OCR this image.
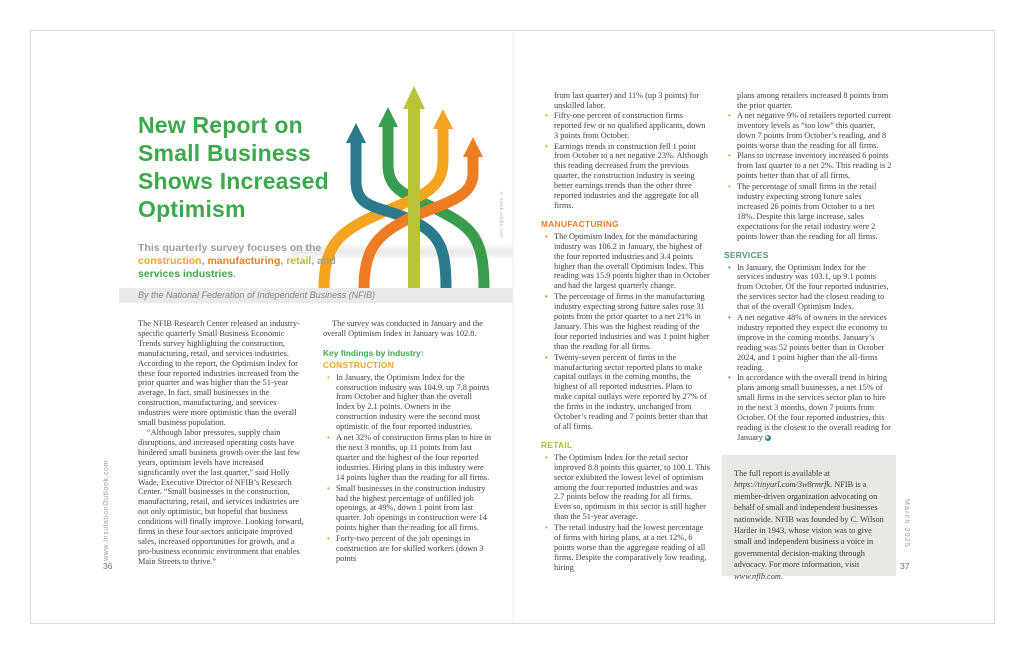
© stock.adobe.com
New Report on
Small Business
Shows Increased
Optimism

This quarterly survey focuses on the construction, manufacturing, retail, and services industries.

By the National Federation of Independent Business (NFIB)

The NFIB Research Center released an industry-specific quarterly Small Business Economic Trends survey highlighting the construction, manufacturing, retail, and services industries. According to the report, the Optimism Index for these four reported industries increased from the prior quarter and was higher than the 51-year average. In fact, small businesses in the construction, manufacturing, and services industries were more optimistic than the overall small business population.

“Although labor pressures, supply chain disruptions, and increased operating costs have hindered small business growth over the last few years, optimism levels have increased significantly over the last quarter,” said Holly Wade, Executive Director of NFIB’s Research Center. “Small businesses in the construction, manufacturing, retail, and services industries are not only optimistic, but hopeful that business conditions will finally improve. Looking forward, firms in these four sectors anticipate improved sales, increased opportunities for growth, and a pro-business economic environment that enables Main Streets to thrive.”

The survey was conducted in January and the overall Optimism Index in January was 102.8.

Key findings by industry:
CONSTRUCTION
• In January, the Optimism Index for the construction industry was 104.9, up 7.8 points from October and higher than the overall Index by 2.1 points. Owners in the construction industry were the second most optimistic of the four reported industries.
• A net 32% of construction firms plan to hire in the next 3 months, up 11 points from last quarter and the highest of the four reported industries. Hiring plans in this industry were 14 points higher than the reading for all firms.
• Small businesses in the construction industry had the highest percentage of unfilled job openings, at 49%, down 1 point from last quarter. Job openings in construction were 14 points higher than the reading for all firms.
• Forty-two percent of the job openings in construction are for skilled workers (down 3 points
www.InsulationOutlook.com
36

from last quarter) and 11% (up 3 points) for unskilled labor.

• Fifty-one percent of construction firms reported few or no qualified applicants, down 3 points from October.
• Earnings trends in construction fell 1 point from October to a net negative 23%. Although this reading decreased from the previous quarter, the construction industry is seeing better earnings trends than the other three reported industries and the aggregate for all firms.
MANUFACTURING
• The Optimism Index for the manufacturing industry was 106.2 in January, the highest of the four reported industries and 3.4 points higher than the overall Optimism Index. This reading was 15.9 points higher than in October and had the largest quarterly change.
• The percentage of firms in the manufacturing industry expecting strong future sales rose 31 points from the prior quarter to a net 21% in January. This was the highest reading of the four reported industries and was 1 point higher than the reading for all firms.
• Twenty-seven percent of firms in the manufacturing sector reported plans to make capital outlays in the coming months, the highest of all reported industries. Plans to make capital outlays were reported by 27% of the firms in the industry, unchanged from October’s reading and 7 points better than that of all firms.
RETAIL
• The Optimism Index for the retail sector improved 8.8 points this quarter, to 100.1. This sector exhibited the lowest level of optimism among the four reported industries and was 2.7 points below the reading for all firms. Even so, optimism in this sector is still higher than the 51-year average.
• The retail industry had the lowest percentage of firms with hiring plans, at a net 12%, 6 points worse than the aggregate reading of all firms. Despite the comparatively low reading, hiring

plans among retailers increased 8 points from the prior quarter.

• A net negative 9% of retailers reported current inventory levels as “too low” this quarter, down 7 points from October’s reading, and 8 points worse than the reading for all firms.
• Plans to increase inventory increased 6 points from last quarter to a net 2%. This reading is 2 points better than that of all firms.
• The percentage of small firms in the retail industry expecting strong future sales increased 26 points from October to a net 18%. Despite this large increase, sales expectations for the retail industry were 2 points lower than the reading for all firms.
SERVICES
• In January, the Optimism Index for the services industry was 103.1, up 9.1 points from October. Of the four reported industries, the services sector had the closest reading to that of the overall Optimism Index.
• A net negative 48% of owners in the services industry reported they expect the economy to improve in the coming months. January’s reading was 52 points better than in October 2024, and 1 point higher than the all-firms reading.
• In accordance with the overall trend in hiring plans among small businesses, a net 15% of small firms in the services sector plan to hire in the next 3 months, down 7 points from October. Of the four reported industries, this reading is the closest to the overall reading for January
The full report is available at https://tinyurl.com/3w8rmrfk. NFIB is a member-driven organization advocating on behalf of small and independent businesses nationwide. NFIB was founded by C. Wilson Harder in 1943, whose vision was to give small and independent business a voice in governmental decision-making through advocacy. For more information, visit www.nfib.com.
March 2025
37
